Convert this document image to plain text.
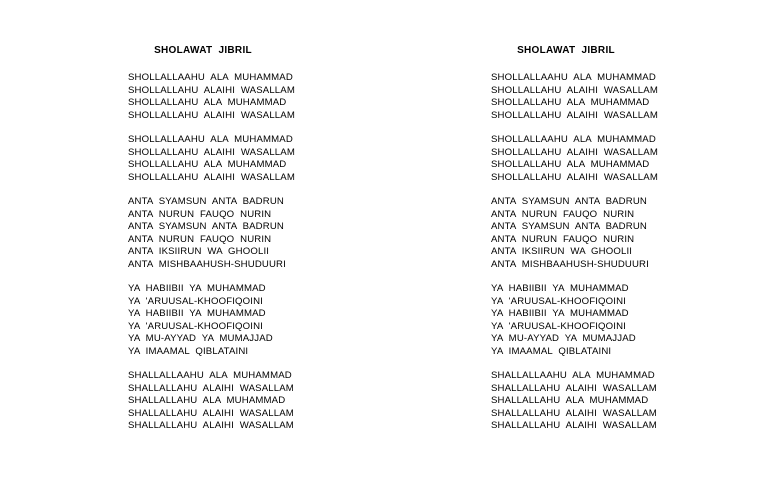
SHOLAWAT JIBRIL
SHOLLALLAAHU ALA MUHAMMAD
SHOLLALLAHU ALAIHI WASALLAM
SHOLLALLAHU ALA MUHAMMAD
SHOLLALLAHU ALAIHI WASALLAM
SHOLLALLAAHU ALA MUHAMMAD
SHOLLALLAHU ALAIHI WASALLAM
SHOLLALLAHU ALA MUHAMMAD
SHOLLALLAHU ALAIHI WASALLAM
ANTA SYAMSUN ANTA BADRUN
ANTA NURUN FAUQO NURIN
ANTA SYAMSUN ANTA BADRUN
ANTA NURUN FAUQO NURIN
ANTA IKSIIRUN WA GHOOLII
ANTA MISHBAAHUSH-SHUDUURI
YA HABIIBII YA MUHAMMAD
YA 'ARUUSAL-KHOOFIQOINI
YA HABIIBII YA MUHAMMAD
YA 'ARUUSAL-KHOOFIQOINI
YA MU-AYYAD YA MUMAJJAD
YA IMAAMAL QIBLATAINI
SHALLALLAAHU ALA MUHAMMAD
SHALLALLAHU ALAIHI WASALLAM
SHALLALLAHU ALA MUHAMMAD
SHALLALLAHU ALAIHI WASALLAM
SHALLALLAHU ALAIHI WASALLAM
SHOLAWAT JIBRIL
SHOLLALLAAHU ALA MUHAMMAD
SHOLLALLAHU ALAIHI WASALLAM
SHOLLALLAHU ALA MUHAMMAD
SHOLLALLAHU ALAIHI WASALLAM
SHOLLALLAAHU ALA MUHAMMAD
SHOLLALLAHU ALAIHI WASALLAM
SHOLLALLAHU ALA MUHAMMAD
SHOLLALLAHU ALAIHI WASALLAM
ANTA SYAMSUN ANTA BADRUN
ANTA NURUN FAUQO NURIN
ANTA SYAMSUN ANTA BADRUN
ANTA NURUN FAUQO NURIN
ANTA IKSIIRUN WA GHOOLII
ANTA MISHBAAHUSH-SHUDUURI
YA HABIIBII YA MUHAMMAD
YA 'ARUUSAL-KHOOFIQOINI
YA HABIIBII YA MUHAMMAD
YA 'ARUUSAL-KHOOFIQOINI
YA MU-AYYAD YA MUMAJJAD
YA IMAAMAL QIBLATAINI
SHALLALLAAHU ALA MUHAMMAD
SHALLALLAHU ALAIHI WASALLAM
SHALLALLAHU ALA MUHAMMAD
SHALLALLAHU ALAIHI WASALLAM
SHALLALLAHU ALAIHI WASALLAM
